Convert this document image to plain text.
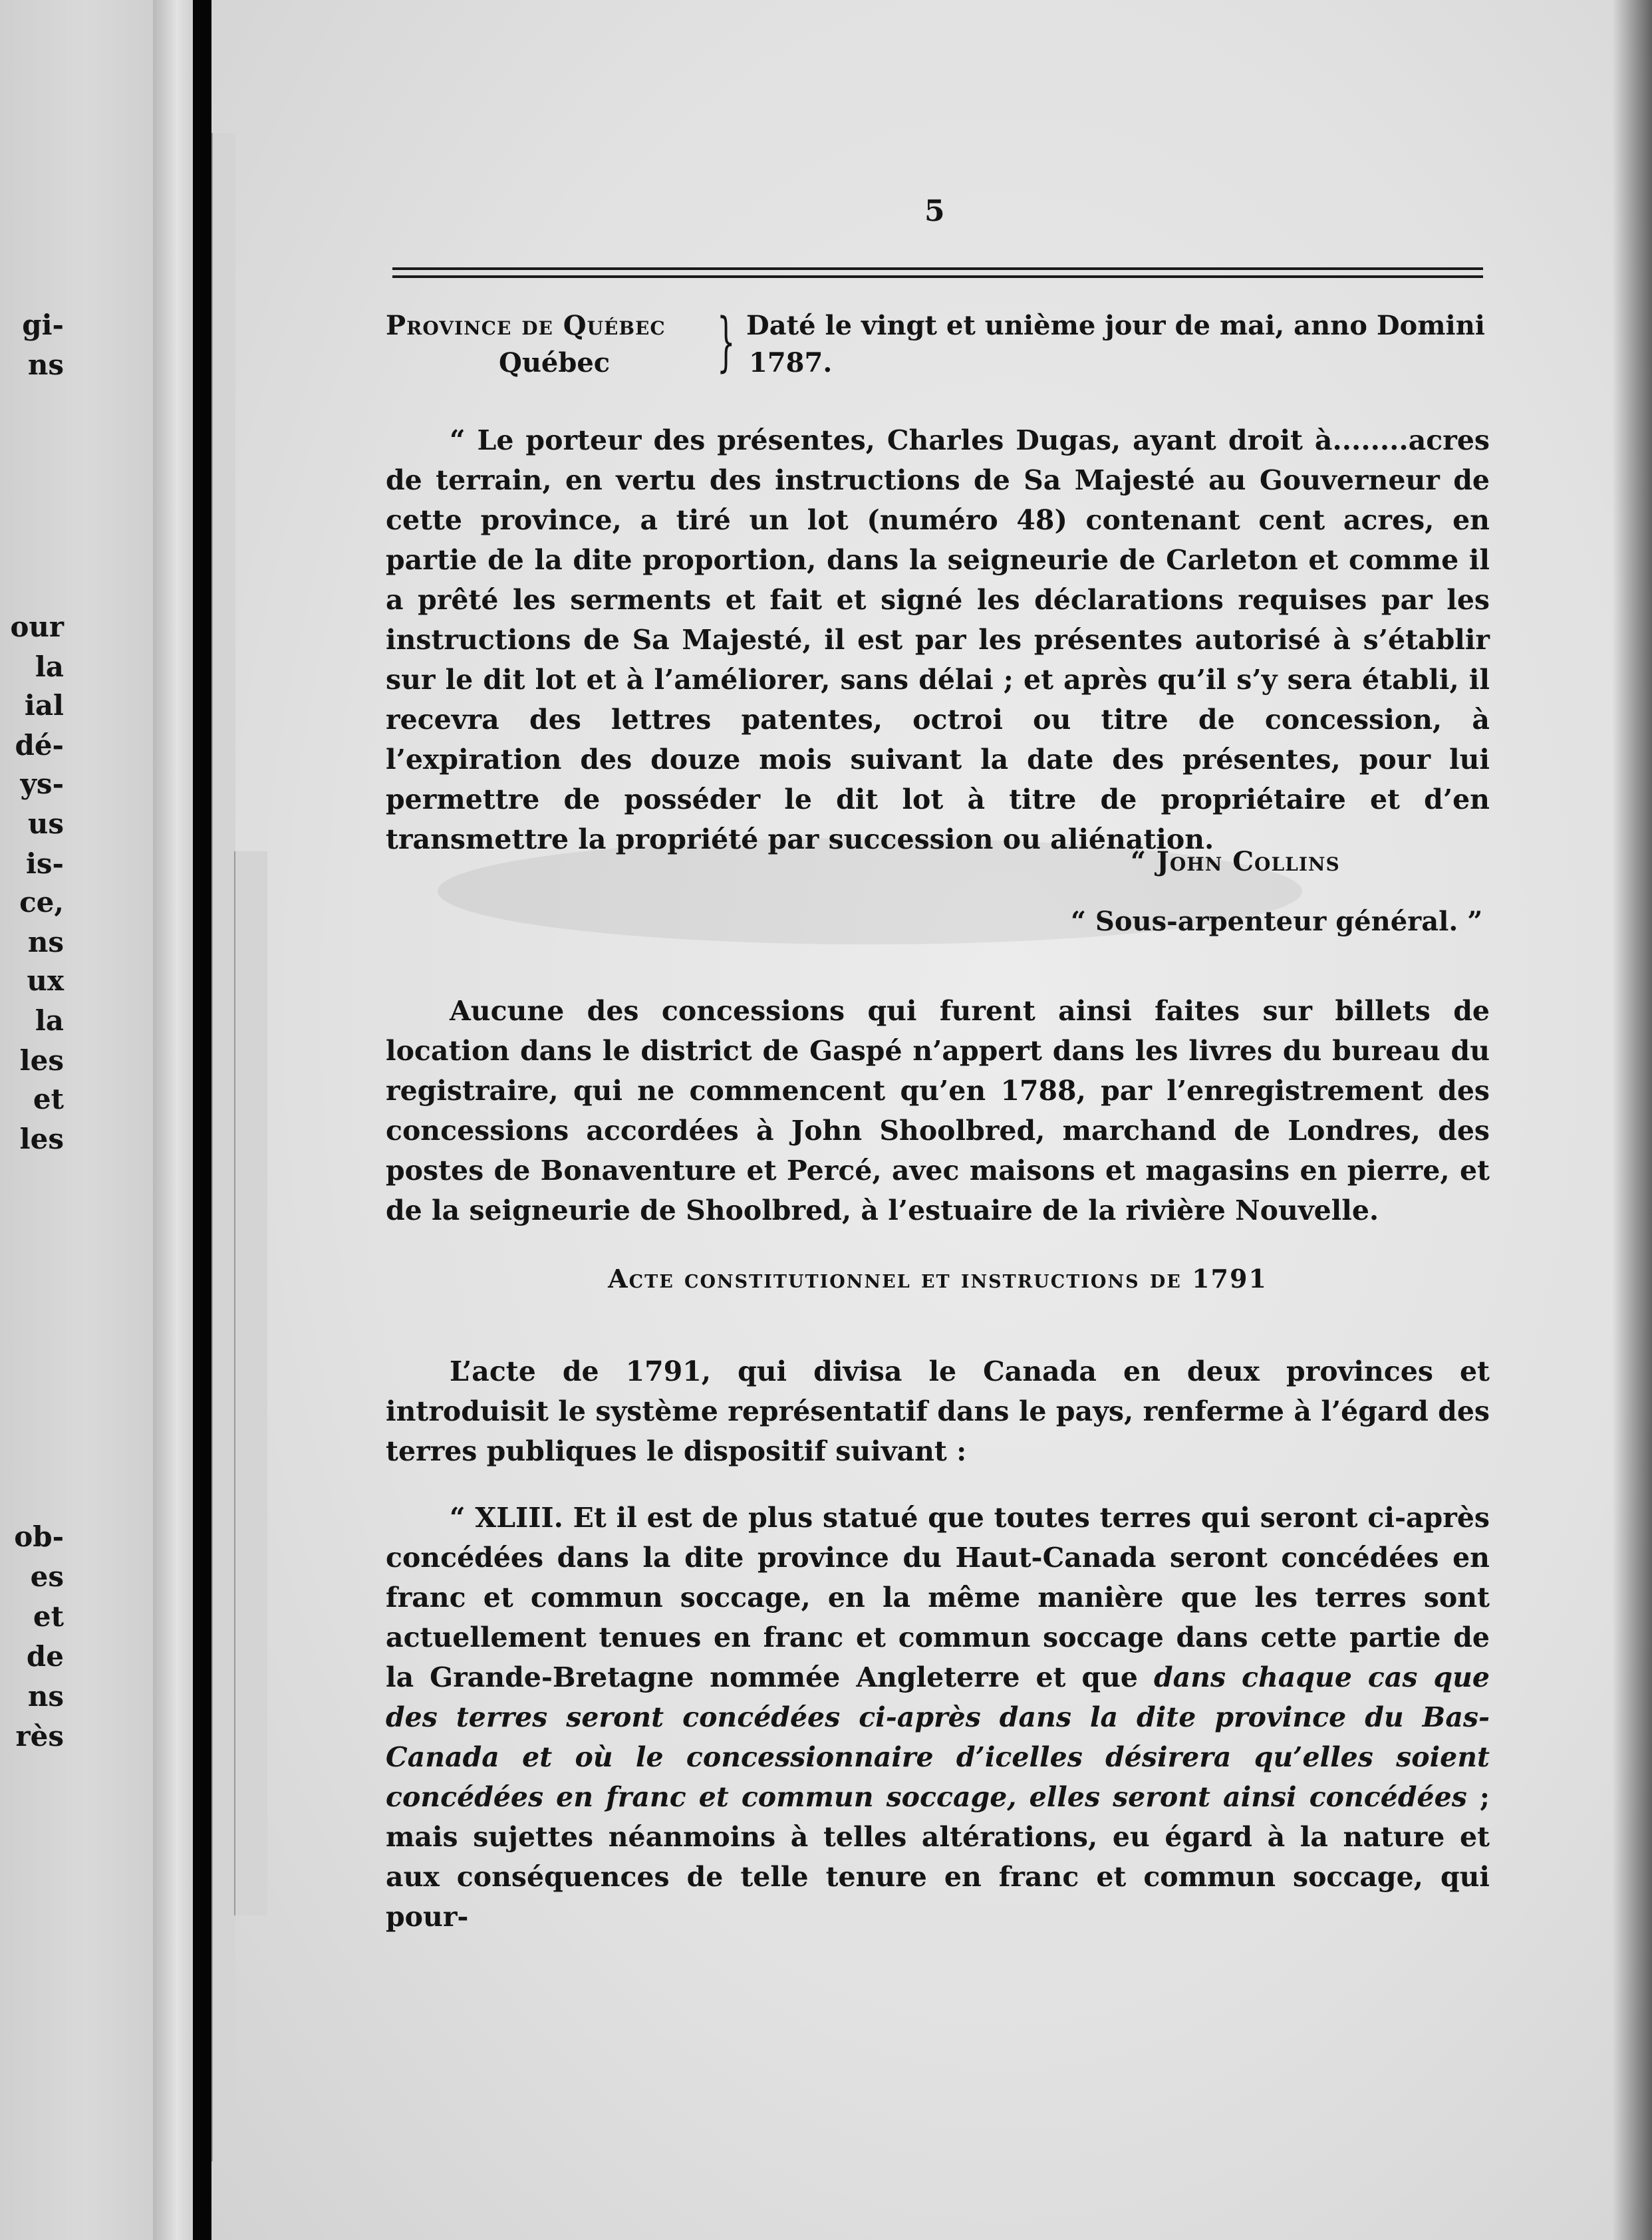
gi-
ns
our
la
ial
dé-
ys-
us
is-
ce,
ns
ux
la
les
et
les
ob-
es
et
de
ns
rès
5
Province de Québec
Québec	} Daté le vingt et unième jour de mai, anno Domini
1787.

“ Le porteur des présentes, Charles Dugas, ayant droit à........acres de terrain, en vertu des instructions de Sa Majesté au Gouverneur de cette province, a tiré un lot (numéro 48) contenant cent acres, en partie de la dite proportion, dans la seigneurie de Carleton et comme il a prêté les serments et fait et signé les déclarations requises par les instructions de Sa Majesté, il est par les présentes autorisé à s’établir sur le dit lot et à l’améliorer, sans délai ; et après qu’il s’y sera établi, il recevra des lettres patentes, octroi ou titre de concession, à l’expiration des douze mois suivant la date des présentes, pour lui permettre de posséder le dit lot à titre de propriétaire et d’en transmettre la propriété par succession ou aliénation.

“ John Collins
“ Sous-arpenteur général. ”

Aucune des concessions qui furent ainsi faites sur billets de location dans le district de Gaspé n’appert dans les livres du bureau du registraire, qui ne commencent qu’en 1788, par l’enregistrement des concessions accordées à John Shoolbred, marchand de Londres, des postes de Bonaventure et Percé, avec maisons et magasins en pierre, et de la seigneurie de Shoolbred, à l’estuaire de la rivière Nouvelle.

Acte constitutionnel et instructions de 1791

L’acte de 1791, qui divisa le Canada en deux provinces et introduisit le système représentatif dans le pays, renferme à l’égard des terres publiques le dispositif suivant :

“ XLIII. Et il est de plus statué que toutes terres qui seront ci-après concédées dans la dite province du Haut-Canada seront concédées en franc et commun soccage, en la même manière que les terres sont actuellement tenues en franc et commun soccage dans cette partie de la Grande-Bretagne nommée Angleterre et que dans chaque cas que des terres seront concédées ci-après dans la dite province du Bas-Canada et où le concessionnaire d’icelles désirera qu’elles soient concédées en franc et commun soccage, elles seront ainsi concédées ; mais sujettes néanmoins à telles altérations, eu égard à la nature et aux conséquences de telle tenure en franc et commun soccage, qui pour-
